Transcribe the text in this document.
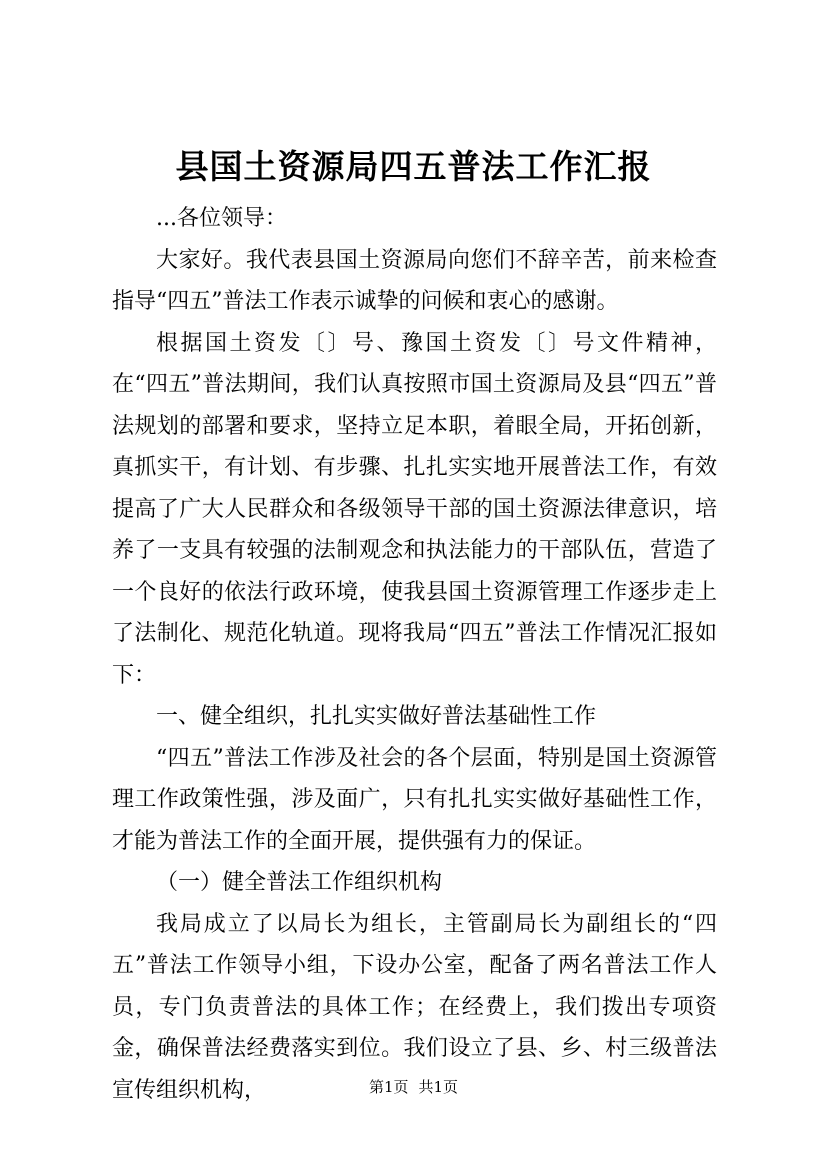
县国土资源局四五普法工作汇报

...各位领导：

大家好。我代表县国土资源局向您们不辞辛苦，前来检查指导“四五”普法工作表示诚挚的问候和衷心的感谢。

根据国土资发〔〕号、豫国土资发〔〕号文件精神，在“四五”普法期间，我们认真按照市国土资源局及县“四五”普法规划的部署和要求，坚持立足本职，着眼全局，开拓创新，真抓实干，有计划、有步骤、扎扎实实地开展普法工作，有效提高了广大人民群众和各级领导干部的国土资源法律意识，培养了一支具有较强的法制观念和执法能力的干部队伍，营造了一个良好的依法行政环境，使我县国土资源管理工作逐步走上了法制化、规范化轨道。现将我局“四五”普法工作情况汇报如下：

一、健全组织，扎扎实实做好普法基础性工作

“四五”普法工作涉及社会的各个层面，特别是国土资源管理工作政策性强，涉及面广，只有扎扎实实做好基础性工作，才能为普法工作的全面开展，提供强有力的保证。

（一）健全普法工作组织机构

我局成立了以局长为组长，主管副局长为副组长的“四五”普法工作领导小组，下设办公室，配备了两名普法工作人员，专门负责普法的具体工作；在经费上，我们拨出专项资金，确保普法经费落实到位。我们设立了县、乡、村三级普法宣传组织机构，	第1页 共1页
